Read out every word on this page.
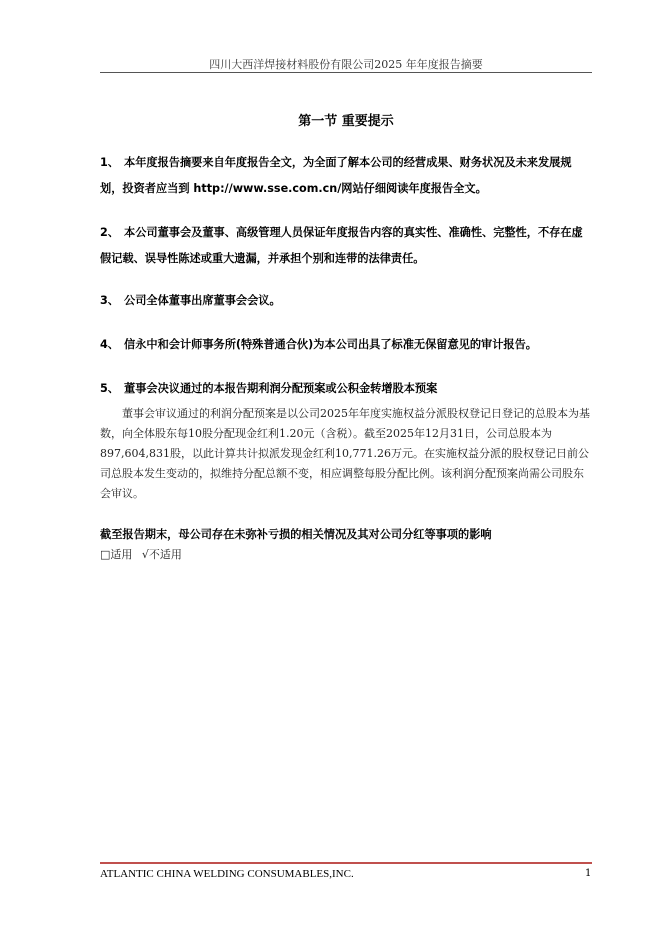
四川大西洋焊接材料股份有限公司2025 年年度报告摘要
第一节 重要提示
1、 本年度报告摘要来自年度报告全文，为全面了解本公司的经营成果、财务状况及未来发展规划，投资者应当到 http://www.sse.com.cn/网站仔细阅读年度报告全文。
2、 本公司董事会及董事、高级管理人员保证年度报告内容的真实性、准确性、完整性，不存在虚假记载、误导性陈述或重大遗漏，并承担个别和连带的法律责任。
3、 公司全体董事出席董事会会议。
4、 信永中和会计师事务所(特殊普通合伙)为本公司出具了标准无保留意见的审计报告。
5、 董事会决议通过的本报告期利润分配预案或公积金转增股本预案
董事会审议通过的利润分配预案是以公司2025年年度实施权益分派股权登记日登记的总股本为基数，向全体股东每10股分配现金红利1.20元（含税）。截至2025年12月31日，公司总股本为897,604,831股，以此计算共计拟派发现金红利10,771.26万元。在实施权益分派的股权登记日前公司总股本发生变动的，拟维持分配总额不变，相应调整每股分配比例。该利润分配预案尚需公司股东会审议。
截至报告期末，母公司存在未弥补亏损的相关情况及其对公司分红等事项的影响
□适用 √不适用
ATLANTIC CHINA WELDING CONSUMABLES,INC.	1
